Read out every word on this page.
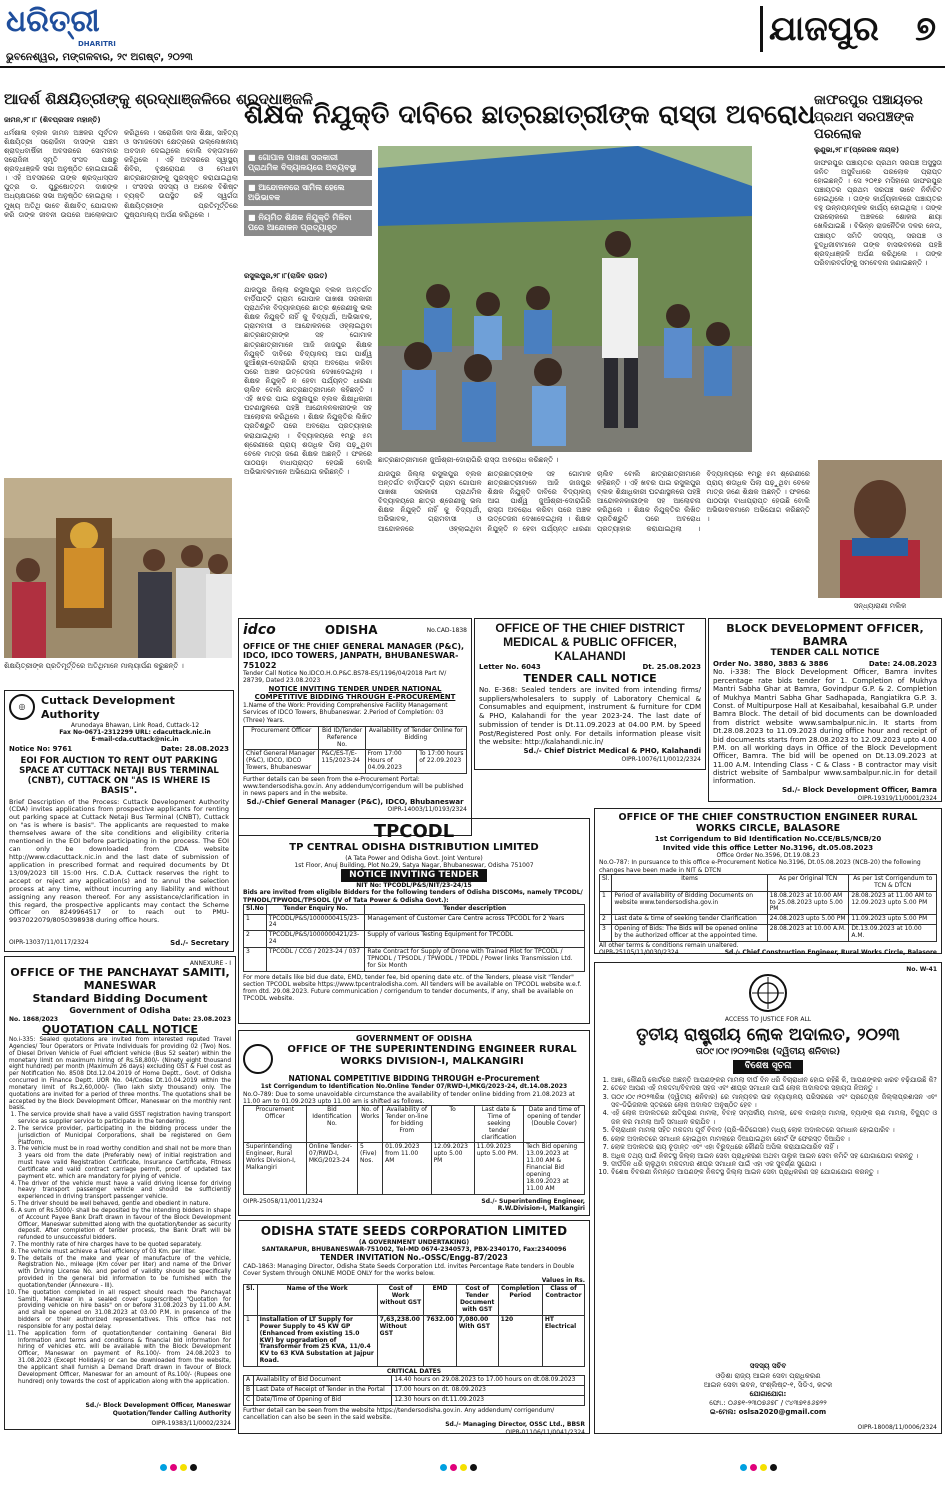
ଧରିତ୍ରୀ
DHARITRI
ଭୁବନେଶ୍ୱର, ମଙ୍ଗଳବାର, ୨୯ ଅଗଷ୍ଟ, ୨୦୨୩
ଯାଜପୁର ୭
ଆଦର୍ଶ ଶିକ୍ଷୟିତ୍ରୀଙ୍କୁ ଶ୍ରଦ୍ଧାଞ୍ଜଳିରେ ଶ୍ରଦ୍ଧାଞ୍ଜଳି
ଜାମନ,୨୮।୮ (ଶିବପ୍ରସାଦ ମହାନ୍ତି)
ଧର୍ମଶାଳା ବ୍ଲକ ଜାମନ ଅଞ୍ଚଳର ପୂର୍ବତନ ଶିକ୍ଷୟିତ୍ରୀ ସରୋଜିନୀ ଦାସଙ୍କ ପଞ୍ଚମ ଶ୍ରାଦ୍ଧବାର୍ଷିକୀ ଅବସରରେ ସୋମବାର ସରୋଜିନୀ ସ୍ମୃତି ସଂସଦ ପକ୍ଷରୁ ଶ୍ରଦ୍ଧାଞ୍ଜଳି ସଭା ଅନୁଷ୍ଠିତ ହୋଇଯାଇଛି । ଏହି ଅବସରରେ ତାଙ୍କ ଶ୍ରଦ୍ଧାସ୍ପଦ ପୁତ୍ର ଡ. ପୁରୁଷୋତ୍ତମ ଦାଶଙ୍କ ଅଧ୍ୟକ୍ଷତାରେ ସଭା ଅନୁଷ୍ଠିତ ହୋଇଥିଲା । ମୁଖ୍ୟ ଅତିଥି ଭାବେ ଶିକ୍ଷାବିତ୍ ଯୋଗଦାନ କରି ତାଙ୍କ ଜୀବନୀ ଉପରେ ଆଲୋକପାତ କରିଥିଲେ । ସରୋଜିନୀ ଦାସ ଶିକ୍ଷା, ସାହିତ୍ୟ ଓ ସମାଜସେବା କ୍ଷେତ୍ରରେ ଉଲ୍ଲେଖନୀୟ ଅବଦାନ ଦେଇଥିଲେ ବୋଲି ବକ୍ତାମାନେ କହିଥିଲେ । ଏହି ଅବସରରେ ସ୍ୱାସ୍ଥ୍ୟ ଶିବିର, ବୃକ୍ଷରୋପଣ ଓ ମେଧାବୀ ଛାତ୍ରଛାତ୍ରୀଙ୍କୁ ପୁରସ୍କୃତ କରାଯାଇଥିଲା । ସଂସଦର ସଦସ୍ୟ ଓ ଅନେକ ବିଶିଷ୍ଟ ବ୍ୟକ୍ତି ଉପସ୍ଥିତ ରହି ସ୍ୱର୍ଗତା ଶିକ୍ଷୟିତ୍ରୀଙ୍କ ପ୍ରତିମୂର୍ତ୍ତିରେ ପୁଷ୍ପମାଲ୍ୟ ଅର୍ପଣ କରିଥିଲେ ।
ଶିକ୍ଷୟିତ୍ରୀଙ୍କ ପ୍ରତିମୂର୍ତ୍ତିରେ ଅତିଥିମାନେ ମାଲ୍ୟାର୍ପଣ କରୁଛନ୍ତି ।
ଶିକ୍ଷକ ନିଯୁକ୍ତି ଦାବିରେ ଛାତ୍ରଛାତ୍ରୀଙ୍କ ରାସ୍ତା ଅବରୋଧ
■ ଗୋପାଳ ପାଖଶା ସରକାରୀ ପ୍ରାଥମିକ ବିଦ୍ୟାଳୟରେ ଅବ୍ୟବସ୍ଥା
■ ଆନ୍ଦୋଳନରେ ସାମିଲ ହେଲେ ଅଭିଭାବକ
■ ନିୟମିତ ଶିକ୍ଷକ ନିଯୁକ୍ତି ମିଳିବା ପରେ ଆନ୍ଦୋଳନ ପ୍ରତ୍ୟାହୃତ
ରସୁଲପୁର,୨୮।୮(ରାଜିବ ରାଉତ)
ଛାତ୍ରଛାତ୍ରୀମାନେ ଜୁଆଁଶ୍ରୀ-ଦୋରାଗିରି ରାସ୍ତା ଅବରୋଧ କରିଛନ୍ତି ।
ଯାଜପୁର ଜିଲ୍ଲା ରସୁଲପୁର ବ୍ଲକ ଅନ୍ତର୍ଗତ ବାର୍ଡ଼ିପାଟ୍ଟି ଗ୍ରାମ ଗୋପାଳ ପାଖଶା ସରକାରୀ ପ୍ରାଥମିକ ବିଦ୍ୟାଳୟରେ ଛାତ୍ର ଶ୍ରେଣୀକୁ ଭଲ ଶିକ୍ଷକ ନିଯୁକ୍ତି ନାହିଁ କୁ ବିଦ୍ୟାର୍ଥୀ, ଅଭିଭାବକ, ଗ୍ରାମବାସୀ ଓ ଆନ୍ଦୋଳନରେ ଓହ୍ଲାଇଥିବା ଛାତ୍ରଛାତ୍ରୀଙ୍କ ସହ ଗୋମାଳ ଛାତ୍ରଛାତ୍ରୀମାନେ ଆଜି ଜାଜପୁର ଶିକ୍ଷକ ନିଯୁକ୍ତି ଦାବିରେ ବିଦ୍ୟାଳୟ ଆଗ ପାର୍ଶ୍ୱ ଜୁଆଁଶ୍ରୀ-ଦୋରାଗିରି ରାସ୍ତା ଅବରୋଧ କରିବା ପରେ ଅଞ୍ଚଳ ଉତ୍ତେଜନା ଦେଖାଦେଇଥିଲା । ଶିକ୍ଷକ ନିଯୁକ୍ତି ନ ହେବା ପର୍ଯ୍ୟନ୍ତ ଧାରଣା ଚାଲିବ ବୋଲି ଛାତ୍ରଛାତ୍ରୀମାନେ କହିଛନ୍ତି । ଏହି ଖବର ପାଇ ରସୁଲପୁର ବ୍ଲକ ଶିକ୍ଷାଧିକାରୀ ଘଟଣାସ୍ଥଳରେ ପହଞ୍ଚି ଆନ୍ଦୋଳନକାରୀଙ୍କ ସହ ଆଲୋଚନା କରିଥିଲେ । ଶିକ୍ଷକ ନିଯୁକ୍ତିର ଲିଖିତ ପ୍ରତିଶ୍ରୁତି ପରେ ଅବରୋଧ ପ୍ରତ୍ୟାହାର କରାଯାଇଥିଲା । ବିଦ୍ୟାଳୟରେ ୧ମରୁ ୫ମ ଶ୍ରେଣୀରେ ପ୍ରାୟ ଶତାଧିକ ପିଲା ପଢ଼ୁଥିବା ବେଳେ ମାତ୍ର ଜଣେ ଶିକ୍ଷକ ଅଛନ୍ତି । ଫଳରେ ପାଠପଢ଼ା ବାଧାପ୍ରାପ୍ତ ହେଉଛି ବୋଲି ଅଭିଭାବକମାନେ ଅଭିଯୋଗ କରିଛନ୍ତି ।	ଯାଜପୁର ଜିଲ୍ଲା ରସୁଲପୁର ବ୍ଲକ ଅନ୍ତର୍ଗତ ବାର୍ଡ଼ିପାଟ୍ଟି ଗ୍ରାମ ଗୋପାଳ ପାଖଶା ସରକାରୀ ପ୍ରାଥମିକ ବିଦ୍ୟାଳୟରେ ଛାତ୍ର ଶ୍ରେଣୀକୁ ଭଲ ଶିକ୍ଷକ ନିଯୁକ୍ତି ନାହିଁ କୁ ବିଦ୍ୟାର୍ଥୀ, ଅଭିଭାବକ, ଗ୍ରାମବାସୀ ଓ ଆନ୍ଦୋଳନରେ ଓହ୍ଲାଇଥିବା ଛାତ୍ରଛାତ୍ରୀଙ୍କ ସହ ଗୋମାଳ ଛାତ୍ରଛାତ୍ରୀମାନେ ଆଜି ଜାଜପୁର ଶିକ୍ଷକ ନିଯୁକ୍ତି ଦାବିରେ ବିଦ୍ୟାଳୟ ଆଗ ପାର୍ଶ୍ୱ ଜୁଆଁଶ୍ରୀ-ଦୋରାଗିରି ରାସ୍ତା ଅବରୋଧ କରିବା ପରେ ଅଞ୍ଚଳ ଉତ୍ତେଜନା ଦେଖାଦେଇଥିଲା । ଶିକ୍ଷକ ନିଯୁକ୍ତି ନ ହେବା ପର୍ଯ୍ୟନ୍ତ ଧାରଣା ଚାଲିବ ବୋଲି ଛାତ୍ରଛାତ୍ରୀମାନେ କହିଛନ୍ତି । ଏହି ଖବର ପାଇ ରସୁଲପୁର ବ୍ଲକ ଶିକ୍ଷାଧିକାରୀ ଘଟଣାସ୍ଥଳରେ ପହଞ୍ଚି ଆନ୍ଦୋଳନକାରୀଙ୍କ ସହ ଆଲୋଚନା କରିଥିଲେ । ଶିକ୍ଷକ ନିଯୁକ୍ତିର ଲିଖିତ ପ୍ରତିଶ୍ରୁତି ପରେ ଅବରୋଧ ପ୍ରତ୍ୟାହାର କରାଯାଇଥିଲା । ବିଦ୍ୟାଳୟରେ ୧ମରୁ ୫ମ ଶ୍ରେଣୀରେ ପ୍ରାୟ ଶତାଧିକ ପିଲା ପଢ଼ୁଥିବା ବେଳେ ମାତ୍ର ଜଣେ ଶିକ୍ଷକ ଅଛନ୍ତି । ଫଳରେ ପାଠପଢ଼ା ବାଧାପ୍ରାପ୍ତ ହେଉଛି ବୋଲି ଅଭିଭାବକମାନେ ଅଭିଯୋଗ କରିଛନ୍ତି ।
ଜାଫରପୁର ପଞ୍ଚାୟତର ପ୍ରଥମ ସରପଞ୍ଚଙ୍କ ପରଲୋକ
ଲୁଣୁଭା,୨୮।୮(ପ୍ରେରକ ନାୟକ)
ଜାଫରପୁର ପଞ୍ଚାୟତର ପ୍ରଥମ ସରପଞ୍ଚ ଅସୁସ୍ଥତା ଜନିତ ଅସୁବିଧାରେ ପରଲୋକ ପ୍ରାପ୍ତ ହୋଇଛନ୍ତି । ସେ ୨୦୧୭ ମସିହାରେ ଜାଫରପୁର ପଞ୍ଚାୟତର ପ୍ରଥମ ସରପଞ୍ଚ ଭାବେ ନିର୍ବାଚିତ ହୋଇଥିଲେ । ତାଙ୍କ କାର୍ଯ୍ୟକାଳରେ ପଞ୍ଚାୟତର ବହୁ ଉନ୍ନୟନମୂଳକ କାର୍ଯ୍ୟ ହୋଇଥିଲା । ତାଙ୍କ ପରଲୋକରେ ଅଞ୍ଚଳରେ ଶୋକର ଛାୟା ଖେଳିଯାଇଛି । ବିଭିନ୍ନ ରାଜନୈତିକ ଦଳର ନେତା, ପଞ୍ଚାୟତ ସମିତି ସଦସ୍ୟ, ସରପଞ୍ଚ ଓ ବୁଦ୍ଧିଜୀବୀମାନେ ତାଙ୍କ ବାସଭବନରେ ପହଞ୍ଚି ଶ୍ରଦ୍ଧାଞ୍ଜଳି ଅର୍ପଣ କରିଥିଲେ । ତାଙ୍କ ପରିବାରବର୍ଗଙ୍କୁ ସମବେଦନା ଜଣାଇଛନ୍ତି ।
ସନ୍ଧ୍ୟାରାଣୀ ମଲିକ
idco	ODISHA	No.CAD-1838
OFFICE OF THE CHIEF GENERAL MANAGER (P&C), IDCO, IDCO TOWERS, JANPATH, BHUBANESWAR-751022
Tender Call Notice No.IDCO.H.O.P&C.BS78-ES/1196/04/2018 Part IV/ 28739, Dated 23.08.2023
NOTICE INVITING TENDER UNDER NATIONAL COMPETITIVE BIDDING THROUGH E-PROCUREMENT
1.Name of the Work: Providing Comprehensive Facility Management Services of IDCO Towers, Bhubaneswar. 2.Period of Completion: 03 (Three) Years.
Procurement Officer	Bid ID/Tender Reference No.	Availability of Tender Online for Bidding	
Chief General Manager (P&C), IDCO, IDCO Towers, Bhubaneswar	P&C/ES-T/E-115/2023-24	From 17:00 Hours of 04.09.2023	To 17:00 hours of 22.09.2023
Further details can be seen from the e-Procurement Portal: www.tendersodisha.gov.in. Any addendum/corrigendum will be published in news papers and in the website.
Sd./-Chief General Manager (P&C), IDCO, Bhubaneswar
OIPR-14003/11/0193/2324
OFFICE OF THE CHIEF DISTRICT MEDICAL & PUBLIC OFFICER, KALAHANDI
Letter No. 6043	Dt. 25.08.2023
TENDER CALL NOTICE
No. E-368: Sealed tenders are invited from intending firms/ suppliers/wholesalers to supply of Laboratory Chemical & Consumables and equipment, instrument & furniture for CDM & PHO, Kalahandi for the year 2023-24. The last date of submission of tender is Dt.11.09.2023 at 04.00 P.M. by Speed Post/Registered Post only. For details information please visit the website: http://kalahandi.nic.in/
Sd./- Chief District Medical & PHO, Kalahandi
OIPR-10076/11/0012/2324
BLOCK DEVELOPMENT OFFICER, BAMRA
TENDER CALL NOTICE
Order No. 3880, 3883 & 3886	Date: 24.08.2023
No. i-338: The Block Development Officer, Bamra invites percentage rate bids tender for 1. Completion of Mukhya Mantri Sabha Ghar at Bamra, Govindpur G.P. & 2. Completion of Mukhya Mantri Sabha Ghar Sadhapada, Rangiatikra G.P. 3. Const. of Multipurpose Hall at Kesaibahal, kesaibahal G.P. under Bamra Block. The detail of bid documents can be downloaded from district website www.sambalpur.nic.in. It starts from Dt.28.08.2023 to 11.09.2023 during office hour and receipt of bid documents starts from 28.08.2023 to 12.09.2023 upto 4.00 P.M. on all working days in Office of the Block Development Officer, Bamra. The bid will be opened on Dt.13.09.2023 at 11.00 A.M. Intending Class - C & Class - B contractor may visit district website of Sambalpur www.sambalpur.nic.in for detail information.
Sd./- Block Development Officer, Bamra
OIPR-19319/11/0001/2324
◎	Cuttack Development Authority
Arunodaya Bhawan, Link Road, Cuttack-12
Fax No-0671-2312299 URL: cdacuttack.nic.in
E-mail-cda.cuttack@nic.in
Notice No: 9761	Date: 28.08.2023
EOI FOR AUCTION TO RENT OUT PARKING SPACE AT CUTTACK NETAJI BUS TERMINAL (CNBT), CUTTACK ON "AS IS WHERE IS BASIS".
Brief Description of the Process: Cuttack Development Authority (CDA) invites applications from prospective applicants for renting out parking space at Cuttack Netaji Bus Terminal (CNBT), Cuttack on "as is where is basis". The applicants are requested to make themselves aware of the site conditions and eligibility criteria mentioned in the EOI before participating in the process. The EOI can only be downloaded from CDA website http://www.cdacuttack.nic.in and the last date of submission of application in prescribed format and required documents by Dt 13/09/2023 till 15:00 Hrs. C.D.A. Cuttack reserves the right to accept or reject any application(s) and to annul the selection process at any time, without incurring any liability and without assigning any reason thereof. For any assistance/clarification in this regard, the prospective applicants may contact the Scheme Officer on 8249964517 or to reach out to PMU-9937022079/8050398938 during office hours.
OIPR-13037/11/0117/2324	Sd./- Secretary
OFFICE OF THE CHIEF CONSTRUCTION ENGINEER RURAL WORKS CIRCLE, BALASORE
1st Corrigendum to Bid Identification No.CCE/BLS/NCB/20
Invited vide this office Letter No.3196, dt.05.08.2023
Office Order No.3596, Dt.19.08.23
No.O-787: In pursuance to this office e-Procurement Notice No.3196, Dt.05.08.2023 (NCB-20) the following changes have been made in NIT & DTCN
Sl.	Items	As per Original TCN	As per 1st Corrigendum to TCN & DTCN
1	Period of availability of Bidding Documents on website www.tendersodisha.gov.in	18.08.2023 at 10.00 AM to 25.08.2023 upto 5.00 PM	28.08.2023 at 11.00 AM to 12.09.2023 upto 5.00 PM
2	Last date & time of seeking tender Clarification	24.08.2023 upto 5.00 PM	11.09.2023 upto 5.00 PM
3	Opening of Bids: The Bids will be opened online by the authorized officer at the appointed time.	28.08.2023 at 10.00 A.M.	Dt.13.09.2023 at 10.00 A.M.
All other terms & conditions remain unaltered.
OIPR-25105/11/0030/2324	Sd./- Chief Construction Engineer, Rural Works Circle, Balasore
TPCODL
TP CENTRAL ODISHA DISTRIBUTION LIMITED
(A Tata Power and Odisha Govt. Joint Venture)
1st Floor, Anuj Building, Plot No.29, Satya Nagar, Bhubaneswar, Odisha 751007
NOTICE INVITING TENDER
NIT No: TPCODL/P&S/NIT/23-24/15
Bids are invited from eligible Bidders for the following tenders of Odisha DISCOMs, namely TPCODL/ TPNODL/TPWODL/TPSODL (JV of Tata Power & Odisha Govt.):
Sl.No	Tender Enquiry No.	Tender description
1	TPCODL/P&S/1000000415/23-24	Management of Customer Care Centre across TPCODL for 2 Years
2	TPCODL/P&S/1000000421/23-24	Supply of various Testing Equipment for TPCODL
3	TPCODL / CCG / 2023-24 / 037	Rate Contract for Supply of Drone with Trained Pilot for TPCODL / TPNODL / TPSODL / TPWODL / TPDDL / Power links Transmission Ltd. for Six Month
For more details like bid due date, EMD, tender fee, bid opening date etc. of the Tenders, please visit "Tender" section TPCODL website https://www.tpcentralodisha.com. All tenders will be available on TPCODL website w.e.f. from dtd. 29.08.2023. Future communication / corrigendum to tender documents, if any, shall be available on TPCODL website.
ANNEXURE - I
OFFICE OF THE PANCHAYAT SAMITI, MANESWAR
Standard Bidding Document
Government of Odisha
No. 1868/2023	Date: 23.08.2023
QUOTATION CALL NOTICE
No.i-335: Sealed quotations are invited from interested reputed Travel Agencies/ Tour Operators or Private Individuals for providing 02 (Two) Nos. of Diesel Driven Vehicle of Fuel efficient vehicle (Bus 52 seater) within the monetary limit on maximum hiring of Rs.58,800/- (Ninety eight thousand eight hundred) per month (Maximum 26 days) excluding GST & Fuel cost as per Notification No. 8508 Dtd.12.04.2019 of Home Deptt., Govt. of Odisha concurred in Finance Deptt. UOR No. 04/Codes Dt.10.04.2019 within the monetary limit of Rs.2,60,000/- (Two lakh sixty thousand) only. The quotations are invited for a period of three months. The quotations shall be accepted by the Block Development Officer, Maneswar on the monthly rent basis.
1. The service provide shall have a valid GSST registration having transport service as supplier service to participate in the tendering.
2. The service provider, participating in the bidding process under the jurisdiction of Municipal Corporations, shall be registered on Gem Platform.
3. The vehicle must be in road worthy condition and shall not be more than 3 years old from the date (Preferably new) of initial registration and must have valid Registration Certificate, Insurance Certificate, Fitness Certificate and valid contract carriage permit, proof of updated tax payment etc. which are mandatory for plying of vehicle.
4. The driver of the vehicle must have a valid driving license for driving heavy transport passenger vehicle and should be sufficiently experienced in driving transport passenger vehicle.
5. The driver should be well behaved, gentle and obedient in nature.
6. A sum of Rs.5000/- shall be deposited by the intending bidders in shape of Account Payee Bank Draft drawn in favour of the Block Development Officer, Maneswar submitted along with the quotation/tender as security deposit. After completion of tender process, the Bank Draft will be refunded to unsuccessful bidders.
7. The monthly rate of hire charges have to be quoted separately.
8. The vehicle must achieve a fuel efficiency of 03 Km. per liter.
9. The details of the make and year of manufacture of the vehicle, Registration No., mileage (Km cover per liter) and name of the Driver with Driving License No. and period of validity should be specifically provided in the general bid information to be furnished with the quotation/tender (Annexure - III).
10. The quotation completed in all respect should reach the Panchayat Samiti, Maneswar in a sealed cover superscribed "Quotation for providing vehicle on hire basis" on or before 31.08.2023 by 11.00 A.M. and shall be opened on 31.08.2023 at 03.00 P.M. in presence of the bidders or their authorized representatives. This office has not responsible for any postal delay.
11. The application form of quotation/tender containing General Bid Information and terms and conditions & financial bid information for hiring of vehicles etc. will be available with the Block Development Officer, Maneswar on payment of Rs.100/- from 24.08.2023 to 31.08.2023 (Except Holidays) or can be downloaded from the website, the applicant shall furnish a Demand Draft drawn in favour of Block Development Officer, Maneswar for an amount of Rs.100/- (Rupees one hundred) only towards the cost of application along with the application.
Sd./- Block Development Officer, Maneswar Quotation/Tender Calling Authority
OIPR-19383/11/0002/2324
GOVERNMENT OF ODISHA
OFFICE OF THE SUPERINTENDING ENGINEER RURAL WORKS DIVISION-I, MALKANGIRI
NATIONAL COMPETITIVE BIDDING THROUGH e-Procurement
1st Corrigendum to Identification No.Online Tender 07/RWD-I,MKG/2023-24, dt.14.08.2023
No.O-789: Due to some unavoidable circumstance the availability of tender online bidding from 21.08.2023 at 11.00 am to 01.09.2023 upto 11.00 am is shifted as follows.
Procurement Officer	Bid Identification No.	No. of Works	Availability of Tender on-line for bidding From	To	Last date & Time of seeking tender clarification	Date and time of opening of tender (Double Cover)
Superintending Engineer, Rural Works Division-I, Malkangiri	Online Tender-07/RWD-I, MKG/2023-24	5 (Five) Nos.	01.09.2023 from 11.00 AM	12.09.2023 upto 5.00 PM	11.09.2023 upto 5.00 PM.	Tech Bid opening 13.09.2023 at 11.00 AM & Financial Bid opening 18.09.2023 at 11.00 AM
OIPR-25058/11/0011/2324	Sd./- Superintending Engineer, R.W.Division-I, Malkangiri
ODISHA STATE SEEDS CORPORATION LIMITED
(A GOVERNMENT UNDERTAKING)
SANTARAPUR, BHUBANESWAR-751002, Tel-MD 0674-2340573, PBX-2340170, Fax:2340096
TENDER INVITATION No.-OSSC/Engg-87/2023
CAD-1863: Managing Director, Odisha State Seeds Corporation Ltd. invites Percentage Rate tenders in Double Cover System through ONLINE MODE ONLY for the works below.
Values in Rs.
Sl.	Name of the Work	Cost of Work without GST	EMD	Cost of Tender Document with GST	Completion Period	Class of Contractor
1	Installation of LT Supply for Power Supply to 45 KW GP (Enhanced from existing 15.0 KW) by upgradation of Transformer from 25 KVA, 11/0.4 KV to 63 KVA Substation at Jajpur Road.	7,63,238.00 Without GST	7632.00	7,080.00 With GST	120	HT Electrical
CRITICAL DATES
A	Availability of Bid Document	14.40 hours on 29.08.2023 to 17.00 hours on dt.08.09.2023
B	Last Date of Receipt of Tender in the Portal	17.00 hours on dt. 08.09.2023
C	Date/Time of Opening of Bid	12.30 hours on dt.11.09.2023
Further detail can be seen from the website https://tendersodisha.gov.in. Any addendum/ corrigendum/ cancellation can also be seen in the said website.
Sd./- Managing Director, OSSC Ltd., BBSR
OIPR-01106/11/0041/2324
No. W-41
ACCESS TO JUSTICE FOR ALL
ତୃତୀୟ ରାଷ୍ଟ୍ରୀୟ ଲୋକ ଅଦାଲତ, ୨୦୨୩
ତା୦୯।୦୯।୨୦୨୩ରିଖ (ଦ୍ୱିତୀୟ ଶନିବାର)
ବିଶେଷ ସୂଚନା
1. ଆଜ୍ଞା, କୌଣସି କୋର୍ଟରେ ଅଛନ୍ତି ଆପଣଙ୍କର ମାମଲା ଦୀର୍ଘ ଦିନ ଧରି ବିଚାରାଧୀନ ହୋଇ ରହିଛି କି, ଆପଣଙ୍କର ଖରଚ ବଢ଼ିଯାଉଛି କି?
2. ତେବେ ଆପଣ ଏହି ମକଦ୍ଦମା/ବିବାଦର ସହଜ ଏବଂ ଶୀଘ୍ର ସମାଧାନ ପାଇଁ ଲୋକ ଅଦାଲତର ସହାୟତା ନିଅନ୍ତୁ ।
3. ତା୦୯।୦୯।୨୦୨୩ରିଖ (ଦ୍ୱିତୀୟ ଶନିବାର) ରେ ମାନ୍ୟବର ଉଚ୍ଚ ନ୍ୟାୟାଳୟ ପରିସରରେ ଏବଂ ପ୍ରତ୍ୟେକ ଜିଲ୍ଲାପ୍ରଶାସନ ଏବଂ ସବ-ଡିଭିଜନାଲ ସ୍ତରରେ ଲୋକ ଅଦାଲତ ଅନୁଷ୍ଠିତ ହେବ ।
4. ଏହି ଲୋକ ଅଦାଲତରେ କ୍ଷତିପୂରଣ ମାମଲା, ବିବାହ ସମ୍ପର୍କୀୟ ମାମଲା, ଚେକ ବାଉନ୍ସ ମାମଲା, ବ୍ୟାଙ୍କ ଋଣ ମାମଲା, ବିଦ୍ୟୁତ ଓ ଜଳ କର ମାମଲା ଆଦି ସମାଧାନ କରାଯିବ ।
5. ବିଚାରାଧୀନ ମାମଲା ସହିତ ମକଦ୍ଦମା ପୂର୍ବ ବିବାଦ (ପ୍ରି-ଲିଟିଗେସନ) ମଧ୍ୟ ଲୋକ ଅଦାଲତରେ ସମାଧାନ ହୋଇପାରିବ ।
6. ଲୋକ ଅଦାଲତରେ ସମାଧାନ ହୋଇଥିବା ମାମଲାରେ ଦିଆଯାଇଥିବା କୋର୍ଟ ଫି ଫେରସ୍ତ ଦିଆଯିବ ।
7. ଲୋକ ଅଦାଲତର ରାୟ ଚୂଡ଼ାନ୍ତ ଏବଂ ଏହା ବିରୁଦ୍ଧରେ କୌଣସି ଅପିଲ କରାଯାଇପାରିବ ନାହିଁ ।
8. ଅଧିକ ତଥ୍ୟ ପାଇଁ ନିକଟସ୍ଥ ଜିଲ୍ଲା ଆଇନ ସେବା ପ୍ରାଧିକରଣ ଅଥବା ତାଲୁକ ଆଇନ ସେବା କମିଟି ସହ ଯୋଗାଯୋଗ କରନ୍ତୁ ।
9. ଦୀର୍ଘଦିନ ଧରି ଚାଲୁଥିବା ମକଦ୍ଦମାର ଶୀଘ୍ର ସମାଧାନ ପାଇଁ ଏହା ଏକ ସୁବର୍ଣ୍ଣ ସୁଯୋଗ ।
10. ବିଶେଷ ବିବରଣୀ ନିମନ୍ତେ ଆପଣଙ୍କ ନିକଟସ୍ଥ ଜିଲ୍ଲା ଆଇନ ସେବା ପ୍ରାଧିକରଣ ସହ ଯୋଗାଯୋଗ କରନ୍ତୁ ।
ସଦସ୍ୟ ସଚିବ
ଓଡ଼ିଶା ରାଜ୍ୟ ଆଇନ ସେବା ପ୍ରାଧିକରଣ
ଆଇନ ସେବା ଭବନ, ସଂଶ୍ଲିଷ୍ଟ-୧, ସିଡିଏ, କଟକ
ଯୋଗାଯୋଗ:
ଫୋ.: ୦୬୭୧-୨୩୦୭୬୭୮ / ୯୪୩୭୧୫୬୭୨୨
ଇ-ମେଲ: oslsa2020@gmail.com
OIPR-18008/11/0006/2324
